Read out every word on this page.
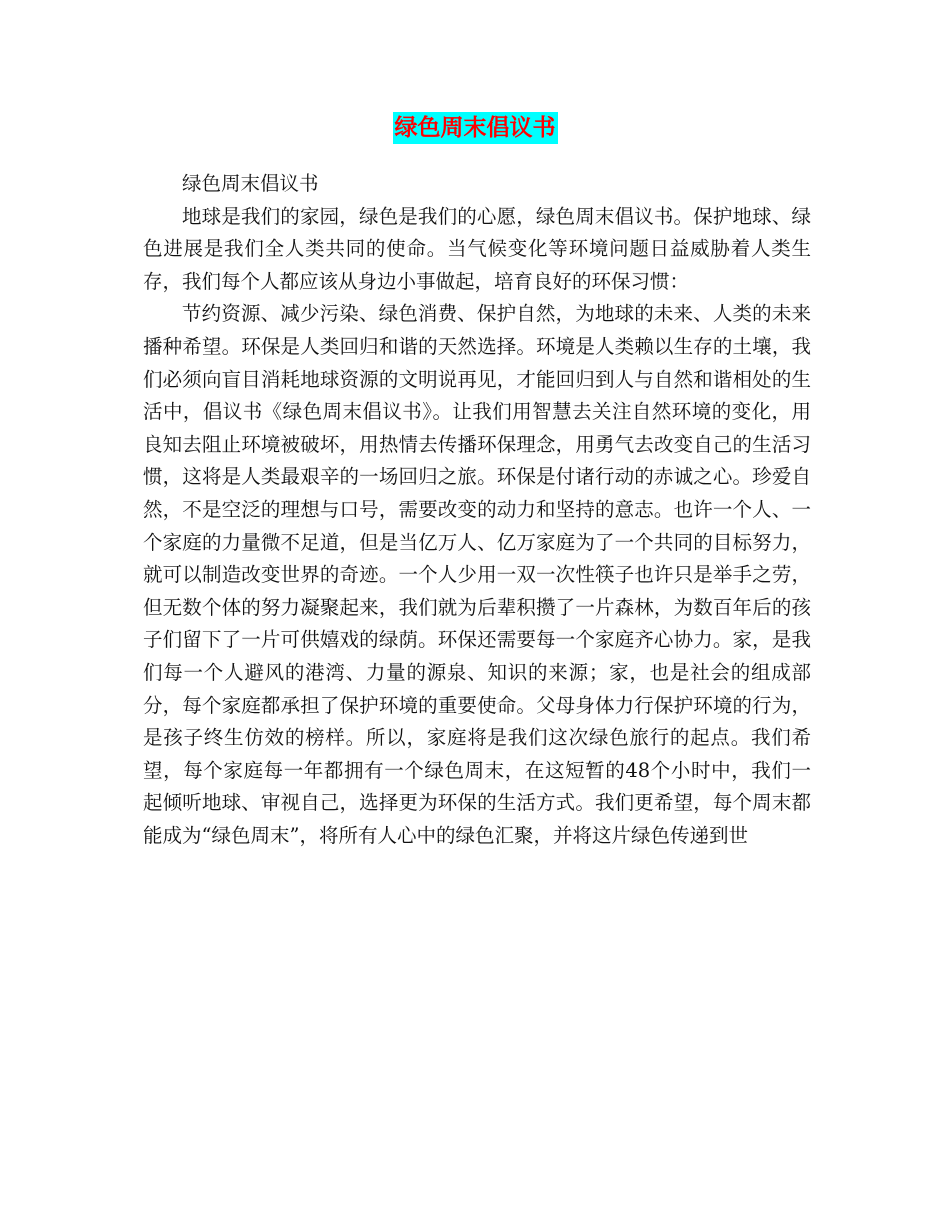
绿色周末倡议书

绿色周末倡议书

地球是我们的家园，绿色是我们的心愿，绿色周末倡议书。保护地球、绿色进展是我们全人类共同的使命。当气候变化等环境问题日益威胁着人类生存，我们每个人都应该从身边小事做起，培育良好的环保习惯：

节约资源、减少污染、绿色消费、保护自然，为地球的未来、人类的未来播种希望。环保是人类回归和谐的天然选择。环境是人类赖以生存的土壤，我们必须向盲目消耗地球资源的文明说再见，才能回归到人与自然和谐相处的生活中，倡议书《绿色周末倡议书》。让我们用智慧去关注自然环境的变化，用良知去阻止环境被破坏，用热情去传播环保理念，用勇气去改变自己的生活习惯，这将是人类最艰辛的一场回归之旅。环保是付诸行动的赤诚之心。珍爱自然，不是空泛的理想与口号，需要改变的动力和坚持的意志。也许一个人、一个家庭的力量微不足道，但是当亿万人、亿万家庭为了一个共同的目标努力，就可以制造改变世界的奇迹。一个人少用一双一次性筷子也许只是举手之劳，但无数个体的努力凝聚起来，我们就为后辈积攒了一片森林，为数百年后的孩子们留下了一片可供嬉戏的绿荫。环保还需要每一个家庭齐心协力。家，是我们每一个人避风的港湾、力量的源泉、知识的来源；家，也是社会的组成部分，每个家庭都承担了保护环境的重要使命。父母身体力行保护环境的行为，是孩子终生仿效的榜样。所以，家庭将是我们这次绿色旅行的起点。我们希望，每个家庭每一年都拥有一个绿色周末，在这短暂的48个小时中，我们一起倾听地球、审视自己，选择更为环保的生活方式。我们更希望，每个周末都能成为“绿色周末”，将所有人心中的绿色汇聚，并将这片绿色传递到世
